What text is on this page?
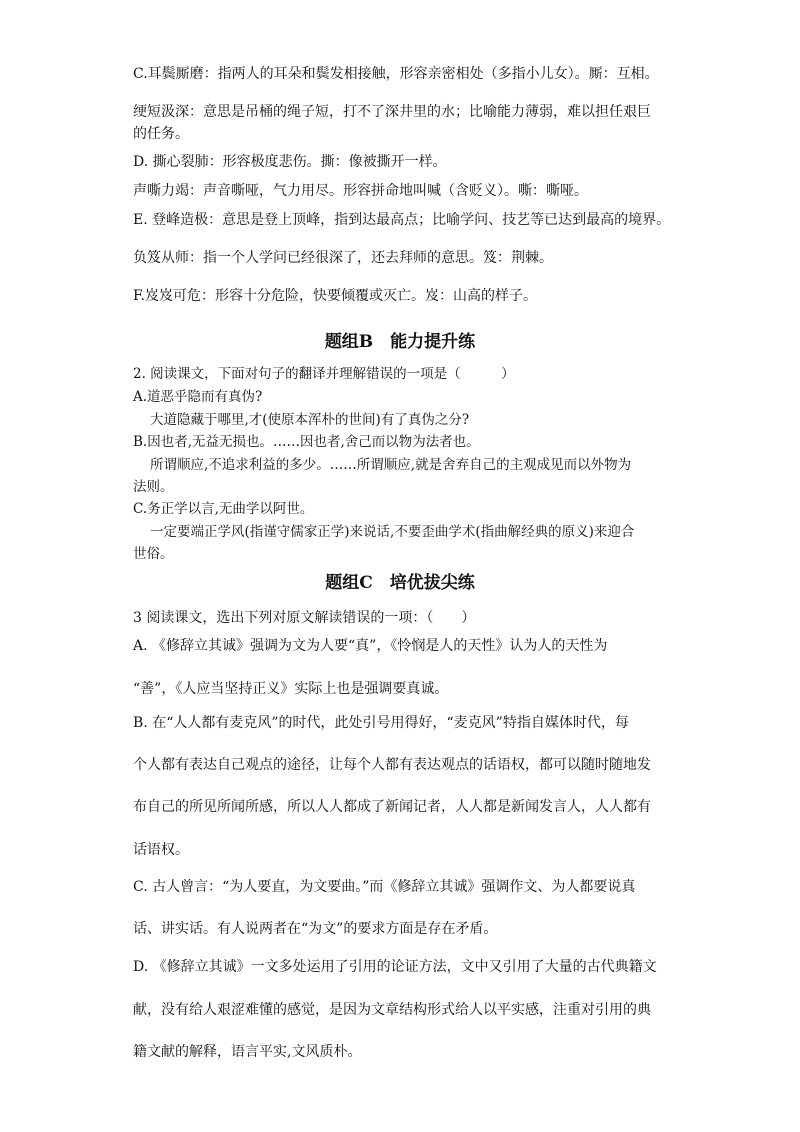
C.耳鬓厮磨：指两人的耳朵和鬓发相接触，形容亲密相处（多指小儿女）。厮：互相。
绠短汲深：意思是吊桶的绳子短，打不了深井里的水；比喻能力薄弱，难以担任艰巨
的任务。
D. 撕心裂肺：形容极度悲伤。撕：像被撕开一样。
声嘶力竭：声音嘶哑，气力用尽。形容拼命地叫喊（含贬义）。嘶：嘶哑。
E. 登峰造极：意思是登上顶峰，指到达最高点；比喻学问、技艺等已达到最高的境界。
负笈从师：指一个人学问已经很深了，还去拜师的意思。笈：荆棘。
F.岌岌可危：形容十分危险，快要倾覆或灭亡。岌：山高的样子。
题组B　能力提升练
2. 阅读课文，下面对句子的翻译并理解错误的一项是（　　　）
A.道恶乎隐而有真伪?
大道隐藏于哪里,才(使原本浑朴的世间)有了真伪之分?
B.因也者,无益无损也。……因也者,舍己而以物为法者也。
所谓顺应,不追求利益的多少。……所谓顺应,就是舍弃自己的主观成见而以外物为
法则。
C.务正学以言,无曲学以阿世。
一定要端正学风(指谨守儒家正学)来说话,不要歪曲学术(指曲解经典的原义)来迎合
世俗。
题组C　培优拔尖练
3 阅读课文，选出下列对原文解读错误的一项：（　　）
A. 《修辞立其诚》强调为文为人要“真”，《怜悯是人的天性》认为人的天性为
“善”，《人应当坚持正义》实际上也是强调要真诚。
B. 在“人人都有麦克风”的时代，此处引号用得好，“麦克风”特指自媒体时代，每
个人都有表达自己观点的途径，让每个人都有表达观点的话语权，都可以随时随地发
布自己的所见所闻所感，所以人人都成了新闻记者，人人都是新闻发言人，人人都有
话语权。
C. 古人曾言：“为人要直，为文要曲。”而《修辞立其诚》强调作文、为人都要说真
话、讲实话。有人说两者在“为文”的要求方面是存在矛盾。
D. 《修辞立其诚》一文多处运用了引用的论证方法，文中又引用了大量的古代典籍文
献，没有给人艰涩难懂的感觉，是因为文章结构形式给人以平实感，注重对引用的典
籍文献的解释，语言平实,文风质朴。
